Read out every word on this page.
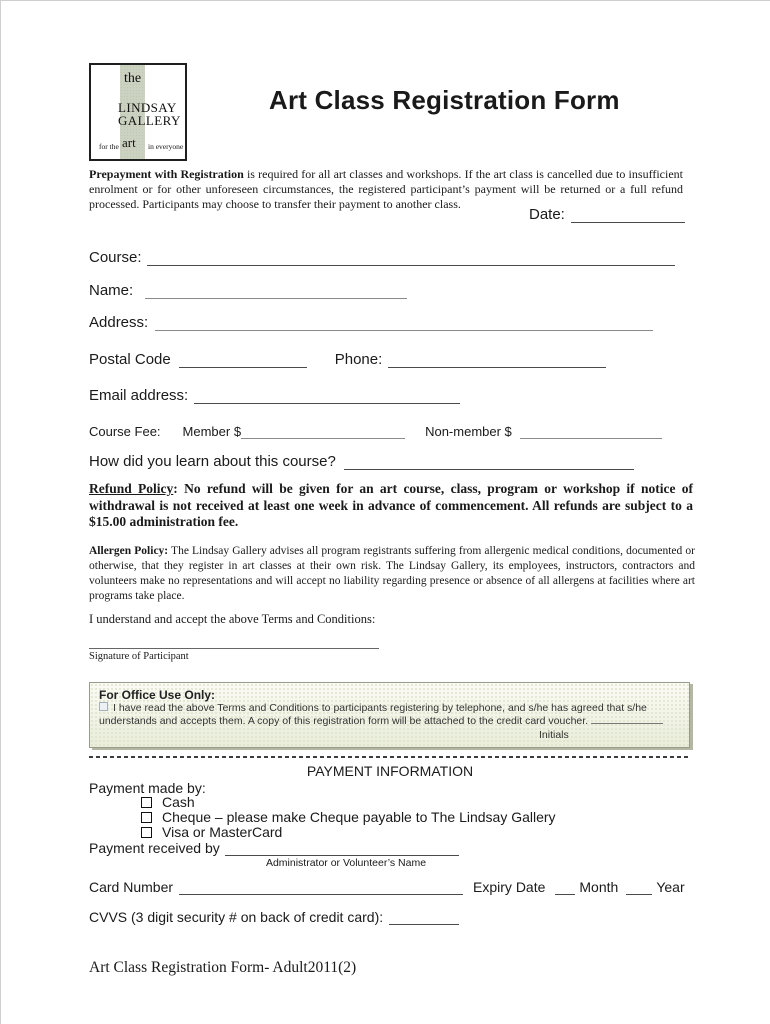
the
LINDSAY
GALLERY
for the art in everyone
Art Class Registration Form
Prepayment with Registration is required for all art classes and workshops. If the art class is cancelled due to insufficient enrolment or for other unforeseen circumstances, the registered participant’s payment will be returned or a full refund processed. Participants may choose to transfer their payment to another class.
Date:
Course:
Name:
Address:
Postal Code	Phone:
Email address:
Course Fee: Member $	Non-member $
How did you learn about this course?
Refund Policy: No refund will be given for an art course, class, program or workshop if notice of withdrawal is not received at least one week in advance of commencement. All refunds are subject to a $15.00 administration fee.
Allergen Policy: The Lindsay Gallery advises all program registrants suffering from allergenic medical conditions, documented or otherwise, that they register in art classes at their own risk. The Lindsay Gallery, its employees, instructors, contractors and volunteers make no representations and will accept no liability regarding presence or absence of all allergens at facilities where art programs take place.
I understand and accept the above Terms and Conditions:
Signature of Participant
For Office Use Only:
I have read the above Terms and Conditions to participants registering by telephone, and s/he has agreed that s/he understands and accepts them. A copy of this registration form will be attached to the credit card voucher.
Initials
PAYMENT INFORMATION
Payment made by:
Cash
Cheque – please make Cheque payable to The Lindsay Gallery
Visa or MasterCard
Payment received by
Administrator or Volunteer’s Name
Card Number	Expiry Date Month	Year
CVVS (3 digit security # on back of credit card):
Art Class Registration Form- Adult2011(2)
